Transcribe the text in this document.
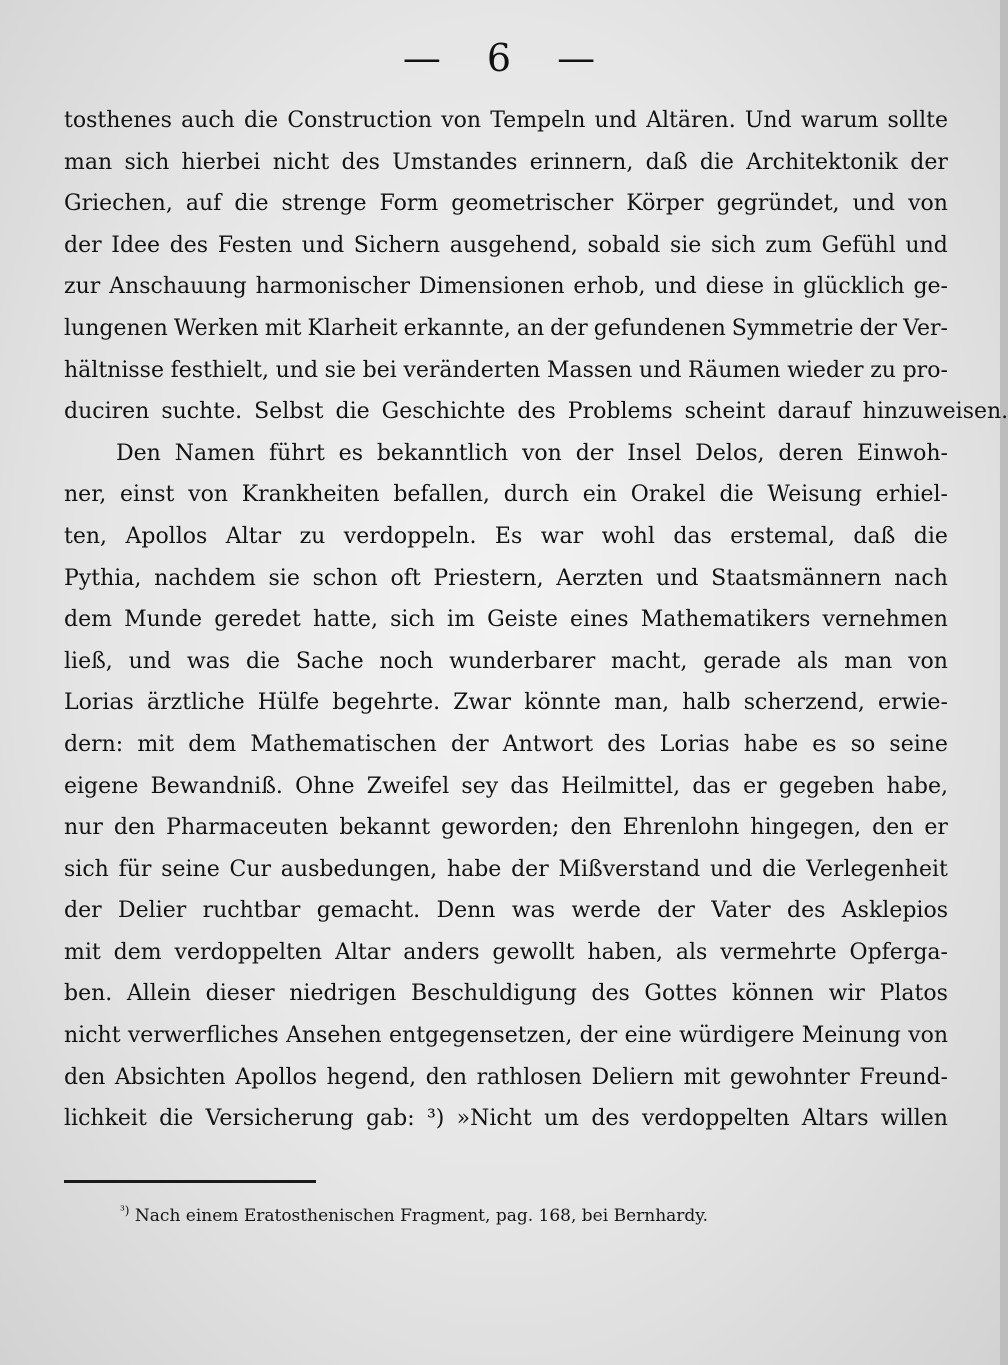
— 6 —
tosthenes auch die Construction von Tempeln und Altären. Und warum sollte
man sich hierbei nicht des Umstandes erinnern, daß die Architektonik der
Griechen, auf die strenge Form geometrischer Körper gegründet, und von
der Idee des Festen und Sichern ausgehend, sobald sie sich zum Gefühl und
zur Anschauung harmonischer Dimensionen erhob, und diese in glücklich ge-
lungenen Werken mit Klarheit erkannte, an der gefundenen Symmetrie der Ver-
hältnisse festhielt, und sie bei veränderten Massen und Räumen wieder zu pro-
duciren suchte. Selbst die Geschichte des Problems scheint darauf hinzuweisen.
Den Namen führt es bekanntlich von der Insel Delos, deren Einwoh-
ner, einst von Krankheiten befallen, durch ein Orakel die Weisung erhiel-
ten, Apollos Altar zu verdoppeln. Es war wohl das erstemal, daß die
Pythia, nachdem sie schon oft Priestern, Aerzten und Staatsmännern nach
dem Munde geredet hatte, sich im Geiste eines Mathematikers vernehmen
ließ, und was die Sache noch wunderbarer macht, gerade als man von
Lorias ärztliche Hülfe begehrte. Zwar könnte man, halb scherzend, erwie-
dern: mit dem Mathematischen der Antwort des Lorias habe es so seine
eigene Bewandniß. Ohne Zweifel sey das Heilmittel, das er gegeben habe,
nur den Pharmaceuten bekannt geworden; den Ehrenlohn hingegen, den er
sich für seine Cur ausbedungen, habe der Mißverstand und die Verlegenheit
der Delier ruchtbar gemacht. Denn was werde der Vater des Asklepios
mit dem verdoppelten Altar anders gewollt haben, als vermehrte Opferga-
ben. Allein dieser niedrigen Beschuldigung des Gottes können wir Platos
nicht verwerfliches Ansehen entgegensetzen, der eine würdigere Meinung von
den Absichten Apollos hegend, den rathlosen Deliern mit gewohnter Freund-
lichkeit die Versicherung gab: ³) »Nicht um des verdoppelten Altars willen
$^{^3)}$ Nach einem Eratosthenischen Fragment, pag. 168, bei Bernhardy.
